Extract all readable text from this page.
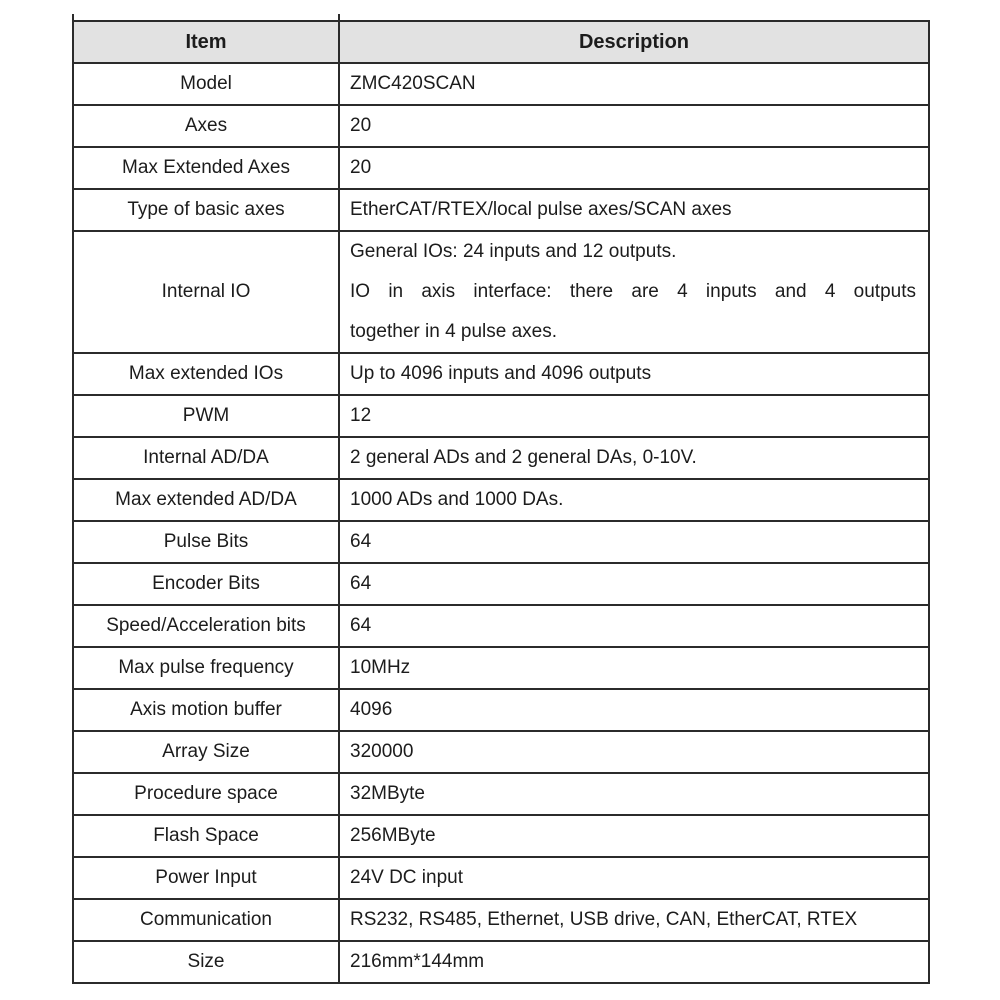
Item	Description
Model	ZMC420SCAN
Axes	20
Max Extended Axes	20
Type of basic axes	EtherCAT/RTEX/local pulse axes/SCAN axes
Internal IO	General IOs: 24 inputs and 12 outputs.
IO in axis interface: there are 4 inputs and 4 outputs
together in 4 pulse axes.

Max extended IOs	Up to 4096 inputs and 4096 outputs
PWM	12
Internal AD/DA	2 general ADs and 2 general DAs, 0-10V.
Max extended AD/DA	1000 ADs and 1000 DAs.
Pulse Bits	64
Encoder Bits	64
Speed/Acceleration bits	64
Max pulse frequency	10MHz
Axis motion buffer	4096
Array Size	320000
Procedure space	32MByte
Flash Space	256MByte
Power Input	24V DC input
Communication	RS232, RS485, Ethernet, USB drive, CAN, EtherCAT, RTEX
Size	216mm*144mm
